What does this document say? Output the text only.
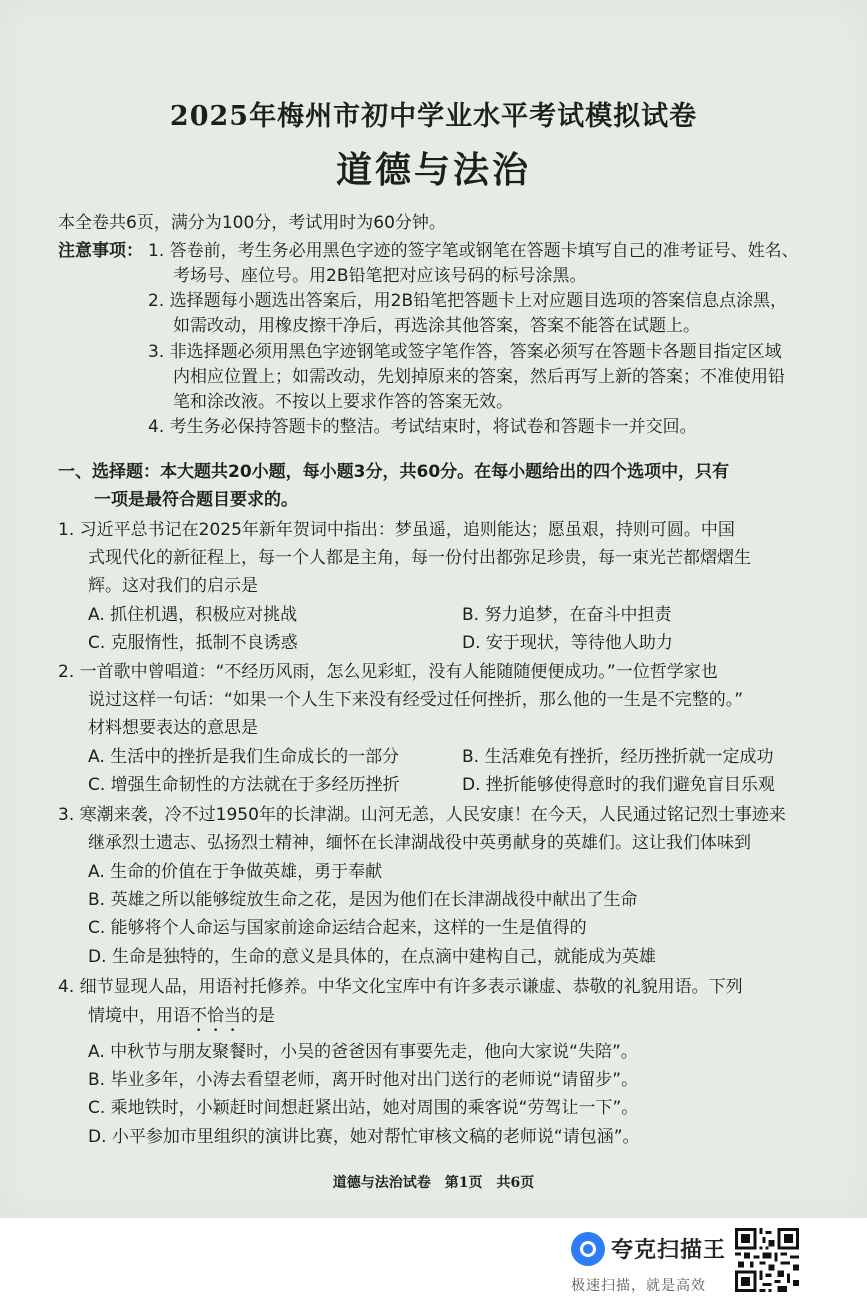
2025年梅州市初中学业水平考试模拟试卷
道德与法治
本全卷共6页，满分为100分，考试用时为60分钟。
注意事项： 1. 答卷前，考生务必用黑色字迹的签字笔或钢笔在答题卡填写自己的准考证号、姓名、
考场号、座位号。用2B铅笔把对应该号码的标号涂黑。
2. 选择题每小题选出答案后，用2B铅笔把答题卡上对应题目选项的答案信息点涂黑，
如需改动，用橡皮擦干净后，再选涂其他答案，答案不能答在试题上。
3. 非选择题必须用黑色字迹钢笔或签字笔作答，答案必须写在答题卡各题目指定区域
内相应位置上；如需改动，先划掉原来的答案，然后再写上新的答案；不准使用铅
笔和涂改液。不按以上要求作答的答案无效。
4. 考生务必保持答题卡的整洁。考试结束时，将试卷和答题卡一并交回。
一、选择题：本大题共20小题，每小题3分，共60分。在每小题给出的四个选项中，只有
一项是最符合题目要求的。
1. 习近平总书记在2025年新年贺词中指出：梦虽遥，追则能达；愿虽艰，持则可圆。中国
式现代化的新征程上，每一个人都是主角，每一份付出都弥足珍贵，每一束光芒都熠熠生
辉。这对我们的启示是
A. 抓住机遇，积极应对挑战	B. 努力追梦，在奋斗中担责
C. 克服惰性，抵制不良诱惑	D. 安于现状，等待他人助力
2. 一首歌中曾唱道：“不经历风雨，怎么见彩虹，没有人能随随便便成功。”一位哲学家也
说过这样一句话：“如果一个人生下来没有经受过任何挫折，那么他的一生是不完整的。”
材料想要表达的意思是
A. 生活中的挫折是我们生命成长的一部分	B. 生活难免有挫折，经历挫折就一定成功
C. 增强生命韧性的方法就在于多经历挫折	D. 挫折能够使得意时的我们避免盲目乐观
3. 寒潮来袭，冷不过1950年的长津湖。山河无恙，人民安康！在今天，人民通过铭记烈士事迹来
继承烈士遗志、弘扬烈士精神，缅怀在长津湖战役中英勇献身的英雄们。这让我们体味到
A. 生命的价值在于争做英雄，勇于奉献
B. 英雄之所以能够绽放生命之花，是因为他们在长津湖战役中献出了生命
C. 能够将个人命运与国家前途命运结合起来，这样的一生是值得的
D. 生命是独特的，生命的意义是具体的，在点滴中建构自己，就能成为英雄
4. 细节显现人品，用语衬托修养。中华文化宝库中有许多表示谦虚、恭敬的礼貌用语。下列
情境中，用语不恰当的是
A. 中秋节与朋友聚餐时，小吴的爸爸因有事要先走，他向大家说“失陪”。
B. 毕业多年，小涛去看望老师，离开时他对出门送行的老师说“请留步”。
C. 乘地铁时，小颖赶时间想赶紧出站，她对周围的乘客说“劳驾让一下”。
D. 小平参加市里组织的演讲比赛，她对帮忙审核文稿的老师说“请包涵”。
道德与法治试卷　第1页　共6页
夸克扫描王
极速扫描，就是高效
